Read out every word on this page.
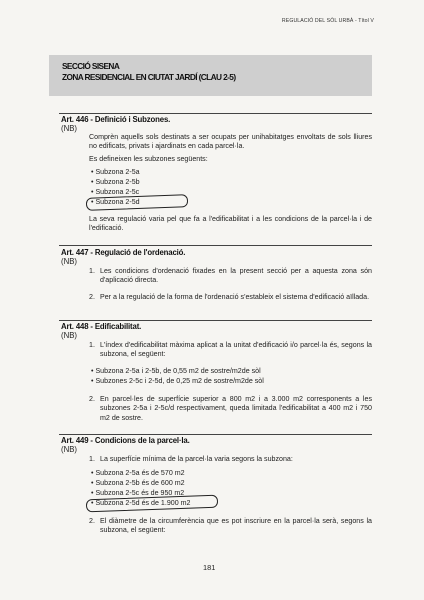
REGULACIÓ DEL SÒL URBÀ - Títol V
SECCIÓ SISENA
ZONA RESIDENCIAL EN CIUTAT JARDÍ (CLAU 2-5)
Art. 446 - Definició i Subzones.
(NB)
Comprèn aquells sols destinats a ser ocupats per unihabitatges envoltats de sols lliures no edificats, privats i ajardinats en cada parcel·la.
Es defineixen les subzones següents:
• Subzona 2-5a
• Subzona 2-5b
• Subzona 2-5c
• Subzona 2-5d
La seva regulació varia pel que fa a l'edificabilitat i a les condicions de la parcel·la i de l'edificació.
Art. 447 - Regulació de l'ordenació.
(NB)
1. Les condicions d'ordenació fixades en la present secció per a aquesta zona són d'aplicació directa.
2. Per a la regulació de la forma de l'ordenació s'estableix el sistema d'edificació aïllada.
Art. 448 - Edificabilitat.
(NB)
1. L'índex d'edificabilitat màxima aplicat a la unitat d'edificació i/o parcel·la és, segons la subzona, el següent:
• Subzona 2-5a i 2-5b, de 0,55 m2 de sostre/m2de sòl
• Subzones 2-5c i 2-5d, de 0,25 m2 de sostre/m2de sòl
2. En parcel·les de superfície superior a 800 m2 i a 3.000 m2 corresponents a les subzones 2-5a i 2-5c/d respectivament, queda limitada l'edificabilitat a 400 m2 i 750 m2 de sostre.
Art. 449 - Condicions de la parcel·la.
(NB)
1. La superfície mínima de la parcel·la varia segons la subzona:
• Subzona 2-5a és de 570 m2
• Subzona 2-5b és de 600 m2
• Subzona 2-5c és de 950 m2
• Subzona 2-5d és de 1.900 m2
2. El diàmetre de la circumferència que es pot inscriure en la parcel·la serà, segons la subzona, el següent:
181
